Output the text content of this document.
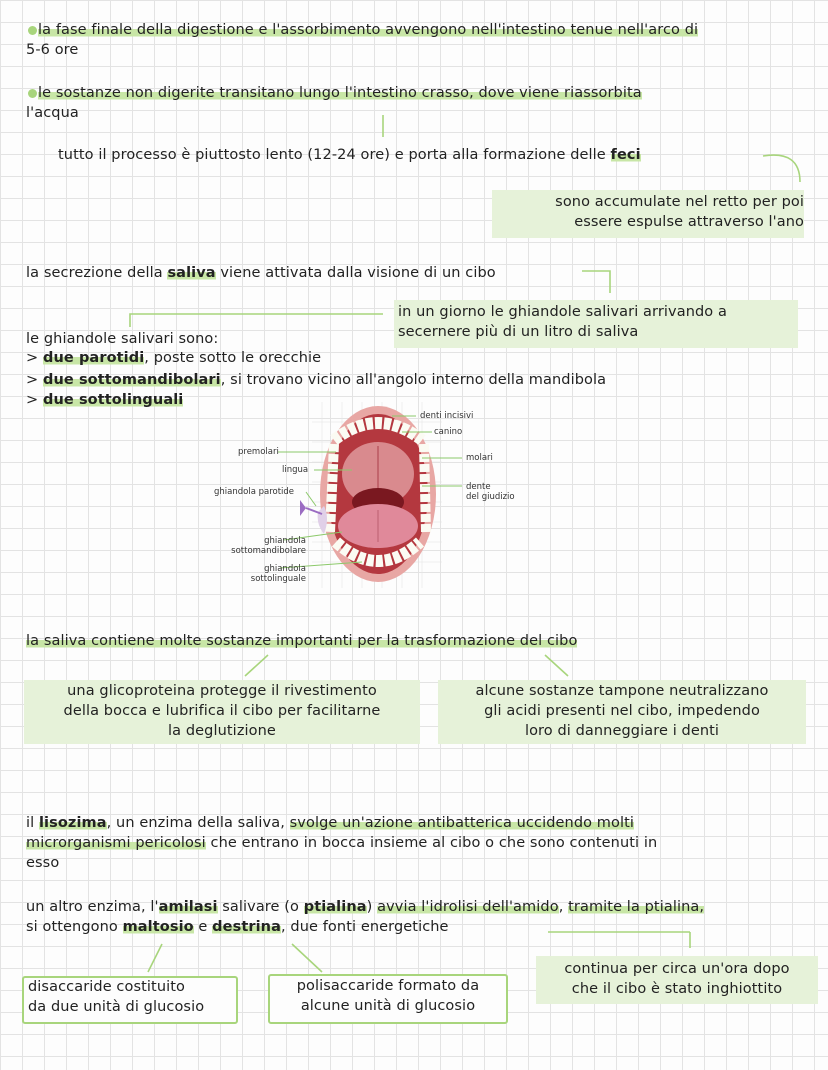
la fase finale della digestione e l'assorbimento avvengono nell'intestino tenue nell'arco di
5-6 ore
le sostanze non digerite transitano lungo l'intestino crasso, dove viene riassorbita
l'acqua
tutto il processo è piuttosto lento (12-24 ore) e porta alla formazione delle feci
sono accumulate nel retto per poi
essere espulse attraverso l'ano
la secrezione della saliva viene attivata dalla visione di un cibo
in un giorno le ghiandole salivari arrivando a
secernere più di un litro di saliva
le ghiandole salivari sono:
> due parotidi, poste sotto le orecchie
> due sottomandibolari, si trovano vicino all'angolo interno della mandibola
> due sottolinguali
denti incisivi
canino
premolari
lingua
molari
ghiandola parotide	dente
del giudizio
ghiandola
sottomandibolare
ghiandola
sottolinguale
la saliva contiene molte sostanze importanti per la trasformazione del cibo
una glicoproteina protegge il rivestimento
della bocca e lubrifica il cibo per facilitarne
la deglutizione
alcune sostanze tampone neutralizzano
gli acidi presenti nel cibo, impedendo
loro di danneggiare i denti
il lisozima, un enzima della saliva, svolge un'azione antibatterica uccidendo molti
microrganismi pericolosi che entrano in bocca insieme al cibo o che sono contenuti in
esso
un altro enzima, l'amilasi salivare (o ptialina) avvia l'idrolisi dell'amido, tramite la ptialina,
si ottengono maltosio e destrina, due fonti energetiche
disaccaride costituito
da due unità di glucosio
polisaccaride formato da
alcune unità di glucosio
continua per circa un'ora dopo
che il cibo è stato inghiottito
